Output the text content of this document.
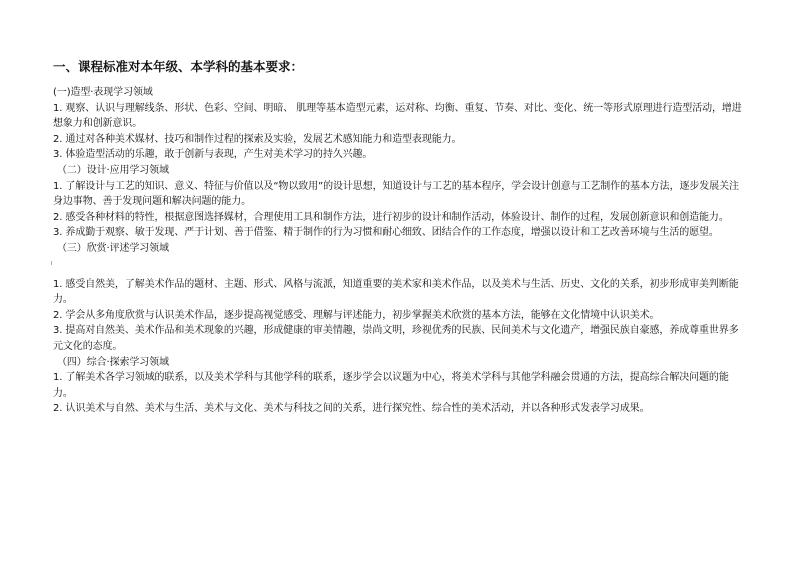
一、课程标准对本年级、本学科的基本要求：

(一)造型·表现学习领域

1. 观察、认识与理解线条、形状、色彩、空间、明暗、 肌理等基本造型元素，运对称、均衡、重复、节奏、对比、变化、统一等形式原理进行造型活动，增进想象力和创新意识。

2. 通过对各种美术媒材、技巧和制作过程的探索及实验，发展艺术感知能力和造型表现能力。

3. 体验造型活动的乐趣，敢于创新与表现，产生对美术学习的持久兴趣。

（二）设计·应用学习领域

1. 了解设计与工艺的知识、意义、特征与价值以及“物以致用”的设计思想，知道设计与工艺的基本程序，学会设计创意与工艺制作的基本方法，逐步发展关注身边事物、善于发现问题和解决问题的能力。

2. 感受各种材料的特性，根据意图选择媒材，合理使用工具和制作方法，进行初步的设计和制作活动，体验设计、制作的过程，发展创新意识和创造能力。

3. 养成勤于观察、敏于发现、严于计划、善于借鉴、精于制作的行为习惯和耐心细致、团结合作的工作态度，增强以设计和工艺改善环境与生活的愿望。

（三）欣赏·评述学习领域

1. 感受自然美，了解美术作品的题材、主题、形式、风格与流派，知道重要的美术家和美术作品，以及美术与生活、历史、文化的关系，初步形成审美判断能力。

2. 学会从多角度欣赏与认识美术作品，逐步提高视觉感受、理解与评述能力，初步掌握美术欣赏的基本方法，能够在文化情境中认识美术。

3. 提高对自然美、美术作品和美术现象的兴趣，形成健康的审美情趣，崇尚文明，珍视优秀的民族、民间美术与文化遗产，增强民族自豪感，养成尊重世界多元文化的态度。

（四）综合·探索学习领域

1. 了解美术各学习领域的联系，以及美术学科与其他学科的联系，逐步学会以议题为中心，将美术学科与其他学科融会贯通的方法，提高综合解决问题的能力。

2. 认识美术与自然、美术与生活、美术与文化、美术与科技之间的关系，进行探究性、综合性的美术活动，并以各种形式发表学习成果。
